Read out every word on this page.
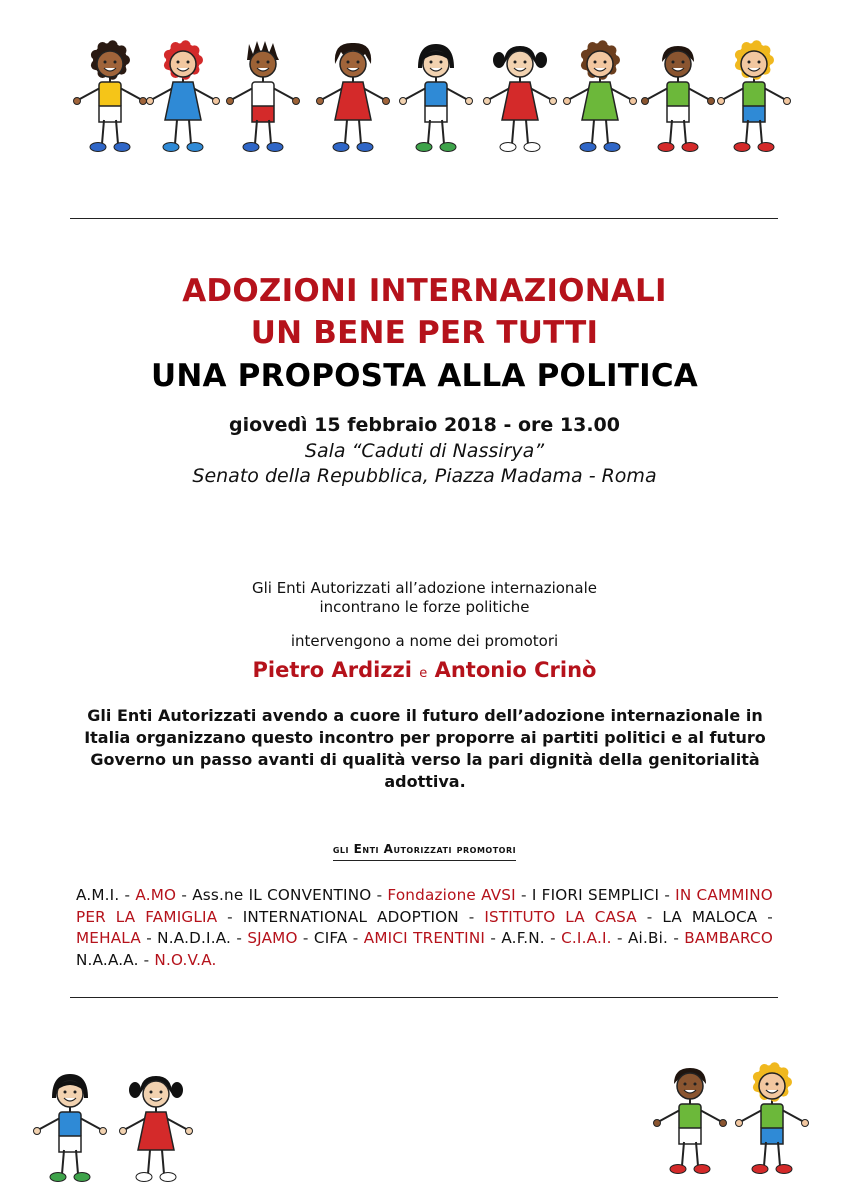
ADOZIONI INTERNAZIONALI
UN BENE PER TUTTI
UNA PROPOSTA ALLA POLITICA
giovedì 15 febbraio 2018 - ore 13.00
Sala “Caduti di Nassirya”
Senato della Repubblica, Piazza Madama - Roma
Gli Enti Autorizzati all’adozione internazionale
incontrano le forze politiche
intervengono a nome dei promotori
Pietro Ardizzi e Antonio Crinò
Gli Enti Autorizzati avendo a cuore il futuro dell’adozione internazionale in Italia organizzano questo incontro per proporre ai partiti politici e al futuro Governo un passo avanti di qualità verso la pari dignità della genitorialità adottiva.
gli Enti Autorizzati promotori
A.M.I. - A.MO - Ass.ne IL CONVENTINO - Fondazione AVSI - I FIORI SEMPLICI - IN CAMMINO PER LA FAMIGLIA - INTERNATIONAL ADOPTION - ISTITUTO LA CASA - LA MALOCA - MEHALA - N.A.D.I.A. - SJAMO - CIFA - AMICI TRENTINI - A.F.N. - C.I.A.I. - Ai.Bi. - BAMBARCO N.A.A.A. - N.O.V.A.
